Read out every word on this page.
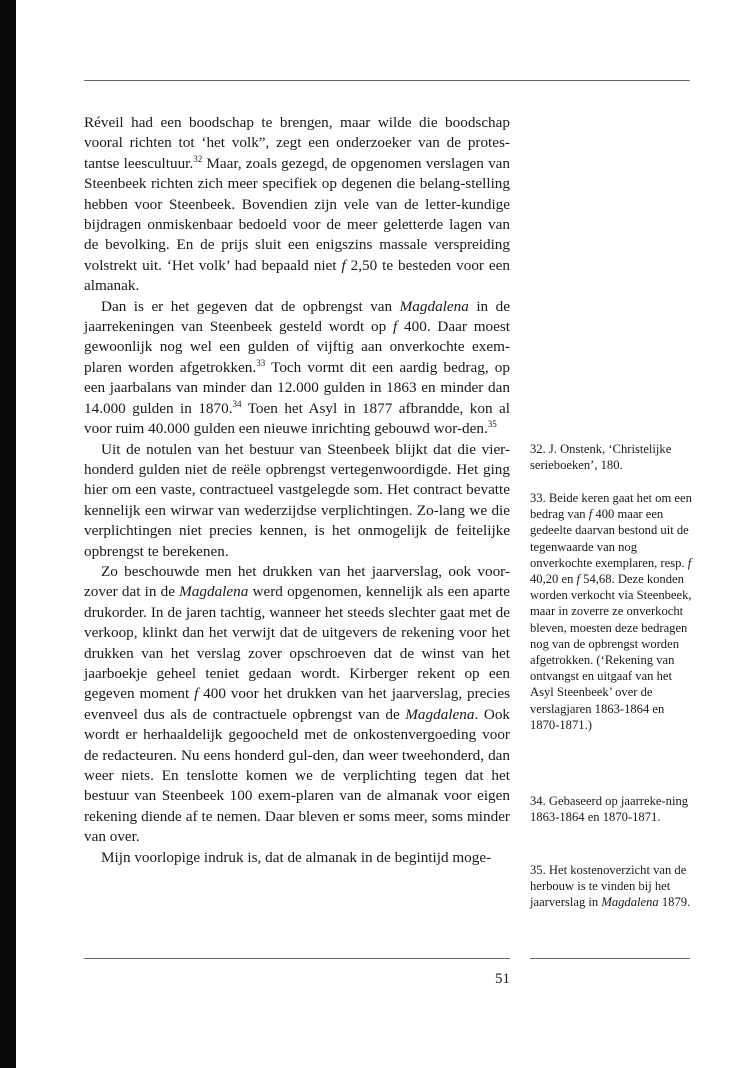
Réveil had een boodschap te brengen, maar wilde die boodschap vooral richten tot ‘het volk”, zegt een onderzoeker van de protes-tantse leescultuur.$^{32}$ Maar, zoals gezegd, de opgenomen verslagen van Steenbeek richten zich meer specifiek op degenen die belang-stelling hebben voor Steenbeek. Bovendien zijn vele van de letter-kundige bijdragen onmiskenbaar bedoeld voor de meer geletterde lagen van de bevolking. En de prijs sluit een enigszins massale verspreiding volstrekt uit. ‘Het volk’ had bepaald niet f 2,50 te besteden voor een almanak.

Dan is er het gegeven dat de opbrengst van Magdalena in de jaarrekeningen van Steenbeek gesteld wordt op f 400. Daar moest gewoonlijk nog wel een gulden of vijftig aan onverkochte exem-plaren worden afgetrokken.$^{33}$ Toch vormt dit een aardig bedrag, op een jaarbalans van minder dan 12.000 gulden in 1863 en minder dan 14.000 gulden in 1870.34 Toen het Asyl in 1877 afbrandde, kon al voor ruim 40.000 gulden een nieuwe inrichting gebouwd wor-den.$^{35}$

Uit de notulen van het bestuur van Steenbeek blijkt dat die vier-honderd gulden niet de reële opbrengst vertegenwoordigde. Het ging hier om een vaste, contractueel vastgelegde som. Het contract bevatte kennelijk een wirwar van wederzijdse verplichtingen. Zo-lang we die verplichtingen niet precies kennen, is het onmogelijk de feitelijke opbrengst te berekenen.

Zo beschouwde men het drukken van het jaarverslag, ook voor-zover dat in de Magdalena werd opgenomen, kennelijk als een aparte drukorder. In de jaren tachtig, wanneer het steeds slechter gaat met de verkoop, klinkt dan het verwijt dat de uitgevers de rekening voor het drukken van het verslag zover opschroeven dat de winst van het jaarboekje geheel teniet gedaan wordt. Kirberger rekent op een gegeven moment f 400 voor het drukken van het jaarverslag, precies evenveel dus als de contractuele opbrengst van de Magdalena. Ook wordt er herhaaldelijk gegoocheld met de onkostenvergoeding voor de redacteuren. Nu eens honderd gul-den, dan weer tweehonderd, dan weer niets. En tenslotte komen we de verplichting tegen dat het bestuur van Steenbeek 100 exem-plaren van de almanak voor eigen rekening diende af te nemen. Daar bleven er soms meer, soms minder van over.

Mijn voorlopige indruk is, dat de almanak in de begintijd moge-

32. J. Onstenk, ‘Christelijke serieboeken’, 180.

33. Beide keren gaat het om een bedrag van f 400 maar een gedeelte daarvan bestond uit de tegenwaarde van nog onverkochte exemplaren, resp. f 40,20 en f 54,68. Deze konden worden verkocht via Steenbeek, maar in zoverre ze onverkocht bleven, moesten deze bedragen nog van de opbrengst worden afgetrokken. (‘Rekening van ontvangst en uitgaaf van het Asyl Steenbeek’ over de verslagjaren 1863-1864 en 1870-1871.)

34. Gebaseerd op jaarreke-ning 1863-1864 en 1870-1871.

35. Het kostenoverzicht van de herbouw is te vinden bij het jaarverslag in Magdalena 1879.

51
